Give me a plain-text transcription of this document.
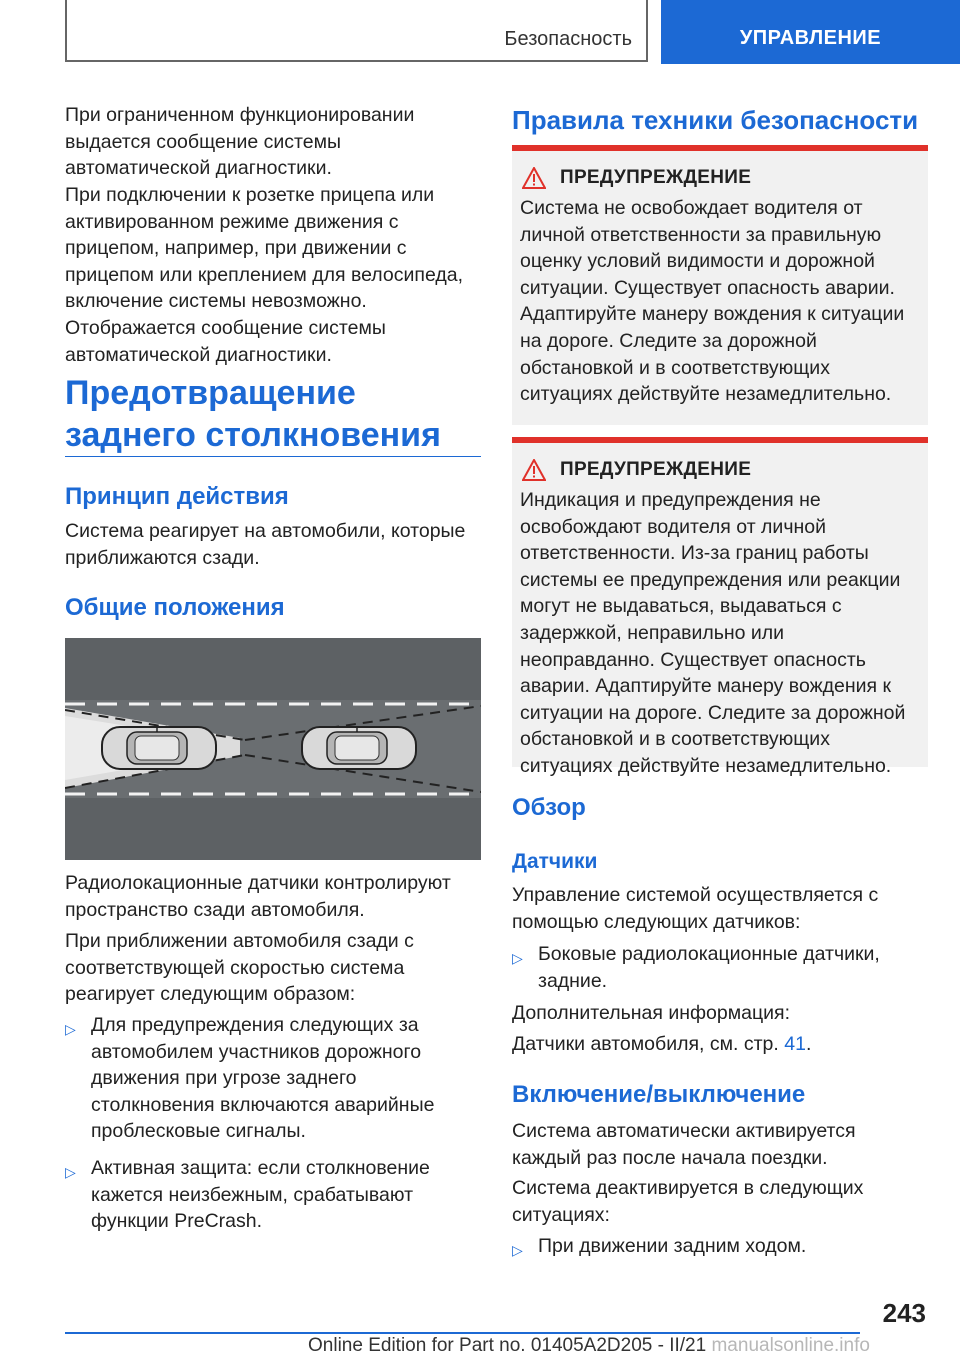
Безопасность	УПРАВЛЕНИЕ

При ограниченном функционировании выдается сообщение системы автоматической диагностики.

При подключении к розетке прицепа или активированном режиме движения с прицепом, например, при движении с прицепом или креплением для велосипеда, включение системы невозможно. Отображается сообщение системы автоматической диагностики.

Предотвращение заднего столкновения
Принцип действия

Система реагирует на автомобили, которые приближаются сзади.

Общие положения

Радиолокационные датчики контролируют пространство сзади автомобиля.

При приближении автомобиля сзади с соответствующей скоростью система реагирует следующим образом:

▷ Для предупреждения следующих за автомобилем участников дорожного движения при угрозе заднего столкновения включаются аварийные проблесковые сигналы.

▷ Активная защита: если столкновение кажется неизбежным, срабатывают функции PreCrash.

Правила техники безопасности
ПРЕДУПРЕЖДЕНИЕ

Система не освобождает водителя от личной ответственности за правильную оценку условий видимости и дорожной ситуации. Существует опасность аварии. Адаптируйте манеру вождения к ситуации на дороге. Следите за дорожной обстановкой и в соответствующих ситуациях действуйте незамедлительно.

ПРЕДУПРЕЖДЕНИЕ

Индикация и предупреждения не освобождают водителя от личной ответственности. Из-за границ работы системы ее предупреждения или реакции могут не выдаваться, выдаваться с задержкой, неправильно или неоправданно. Существует опасность аварии. Адаптируйте манеру вождения к ситуации на дороге. Следите за дорожной обстановкой и в соответствующих ситуациях действуйте незамедлительно.

Обзор
Датчики

Управление системой осуществляется с помощью следующих датчиков:

▷ Боковые радиолокационные датчики, задние.

Дополнительная информация:

Датчики автомобиля, см. стр. 41.

Включение/выключение

Система автоматически активируется каждый раз после начала поездки.

Система деактивируется в следующих ситуациях:

▷ При движении задним ходом.

243
Online Edition for Part no. 01405A2D205 - II/21 manualsonline.info
